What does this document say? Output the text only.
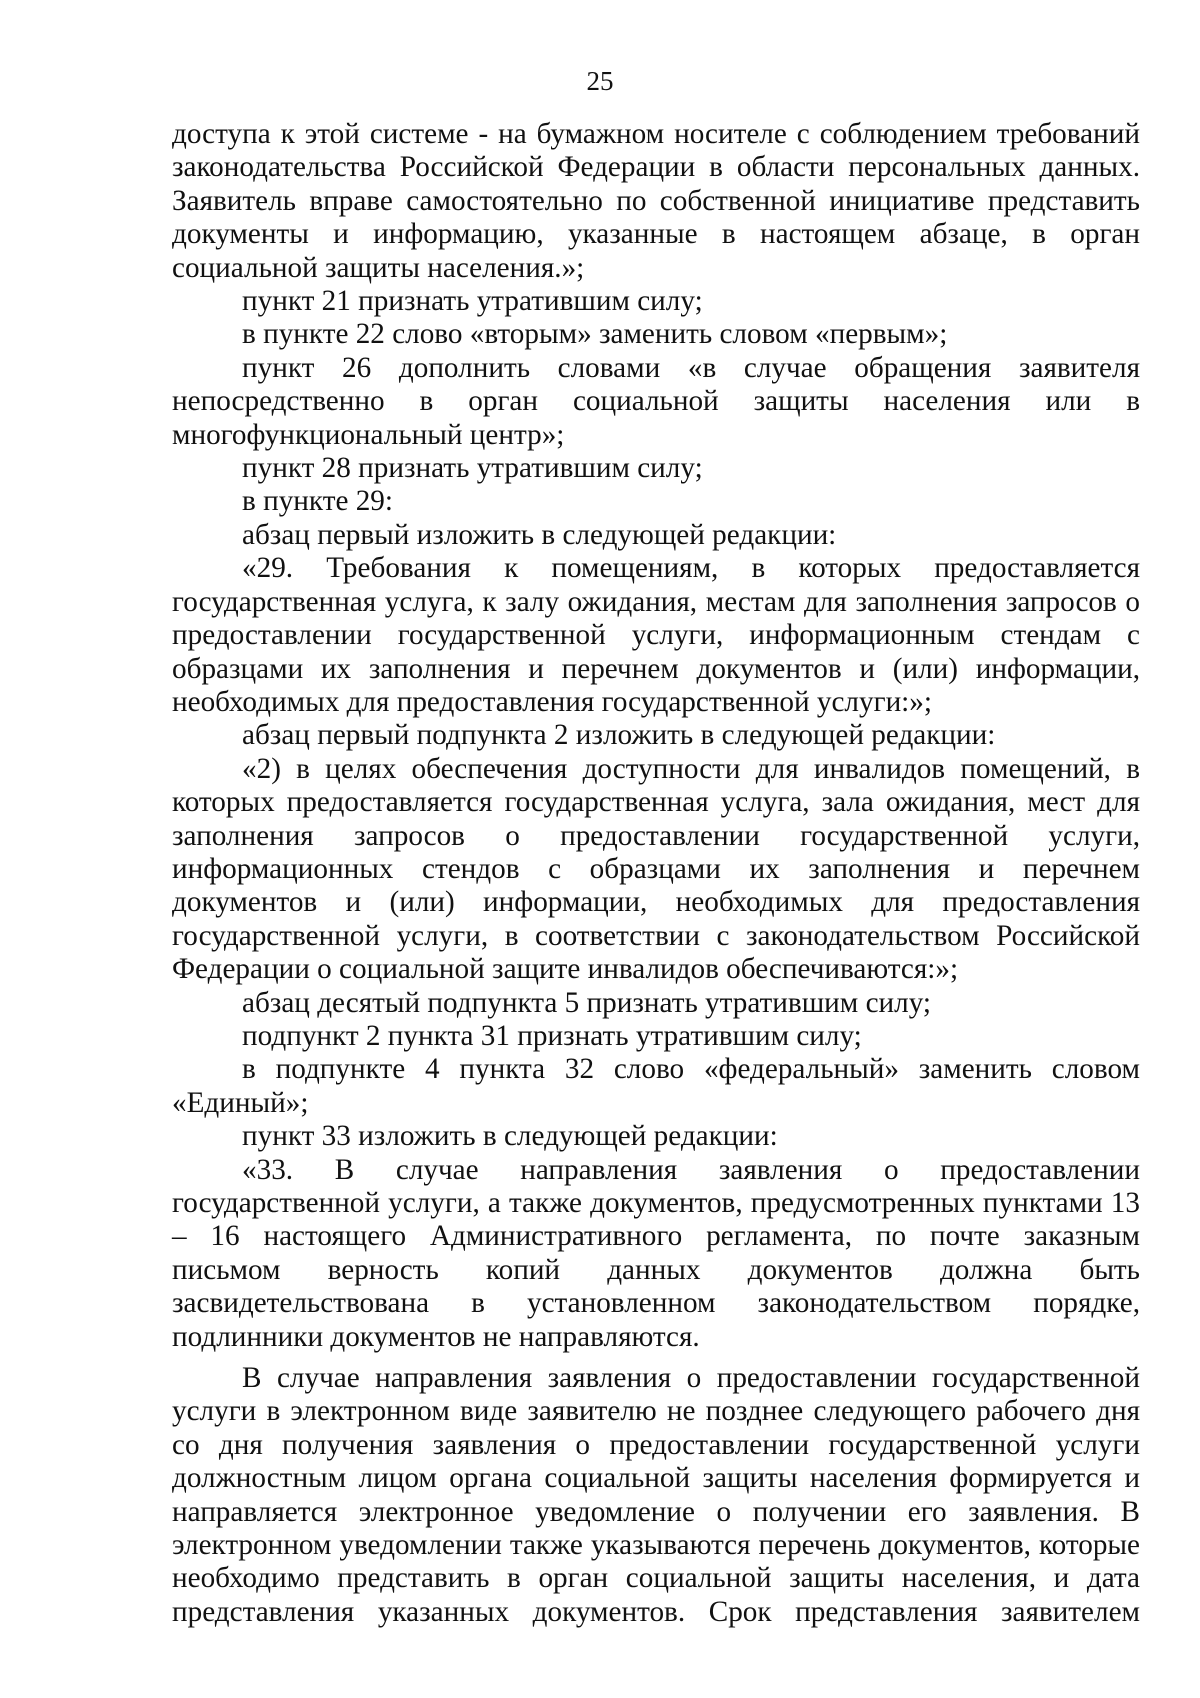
25

доступа к этой системе - на бумажном носителе с соблюдением требований законодательства Российской Федерации в области персональных данных. Заявитель вправе самостоятельно по собственной инициативе представить документы и информацию, указанные в настоящем абзаце, в орган социальной защиты населения.»;

пункт 21 признать утратившим силу;

в пункте 22 слово «вторым» заменить словом «первым»;

пункт 26 дополнить словами «в случае обращения заявителя непосредственно в орган социальной защиты населения или в многофункциональный центр»;

пункт 28 признать утратившим силу;

в пункте 29:

абзац первый изложить в следующей редакции:

«29. Требования к помещениям, в которых предоставляется государственная услуга, к залу ожидания, местам для заполнения запросов о предоставлении государственной услуги, информационным стендам с образцами их заполнения и перечнем документов и (или) информации, необходимых для предоставления государственной услуги:»;

абзац первый подпункта 2 изложить в следующей редакции:

«2) в целях обеспечения доступности для инвалидов помещений, в которых предоставляется государственная услуга, зала ожидания, мест для заполнения запросов о предоставлении государственной услуги, информационных стендов с образцами их заполнения и перечнем документов и (или) информации, необходимых для предоставления государственной услуги, в соответствии с законодательством Российской Федерации о социальной защите инвалидов обеспечиваются:»;

абзац десятый подпункта 5 признать утратившим силу;

подпункт 2 пункта 31 признать утратившим силу;

в подпункте 4 пункта 32 слово «федеральный» заменить словом «Единый»;

пункт 33 изложить в следующей редакции:

«33. В случае направления заявления о предоставлении государственной услуги, а также документов, предусмотренных пунктами 13 – 16 настоящего Административного регламента, по почте заказным письмом верность копий данных документов должна быть засвидетельствована в установленном законодательством порядке, подлинники документов не направляются.

В случае направления заявления о предоставлении государственной услуги в электронном виде заявителю не позднее следующего рабочего дня со дня получения заявления о предоставлении государственной услуги должностным лицом органа социальной защиты населения формируется и направляется электронное уведомление о получении его заявления. В электронном уведомлении также указываются перечень документов, которые необходимо представить в орган социальной защиты населения, и дата представления указанных документов. Срок представления заявителем
